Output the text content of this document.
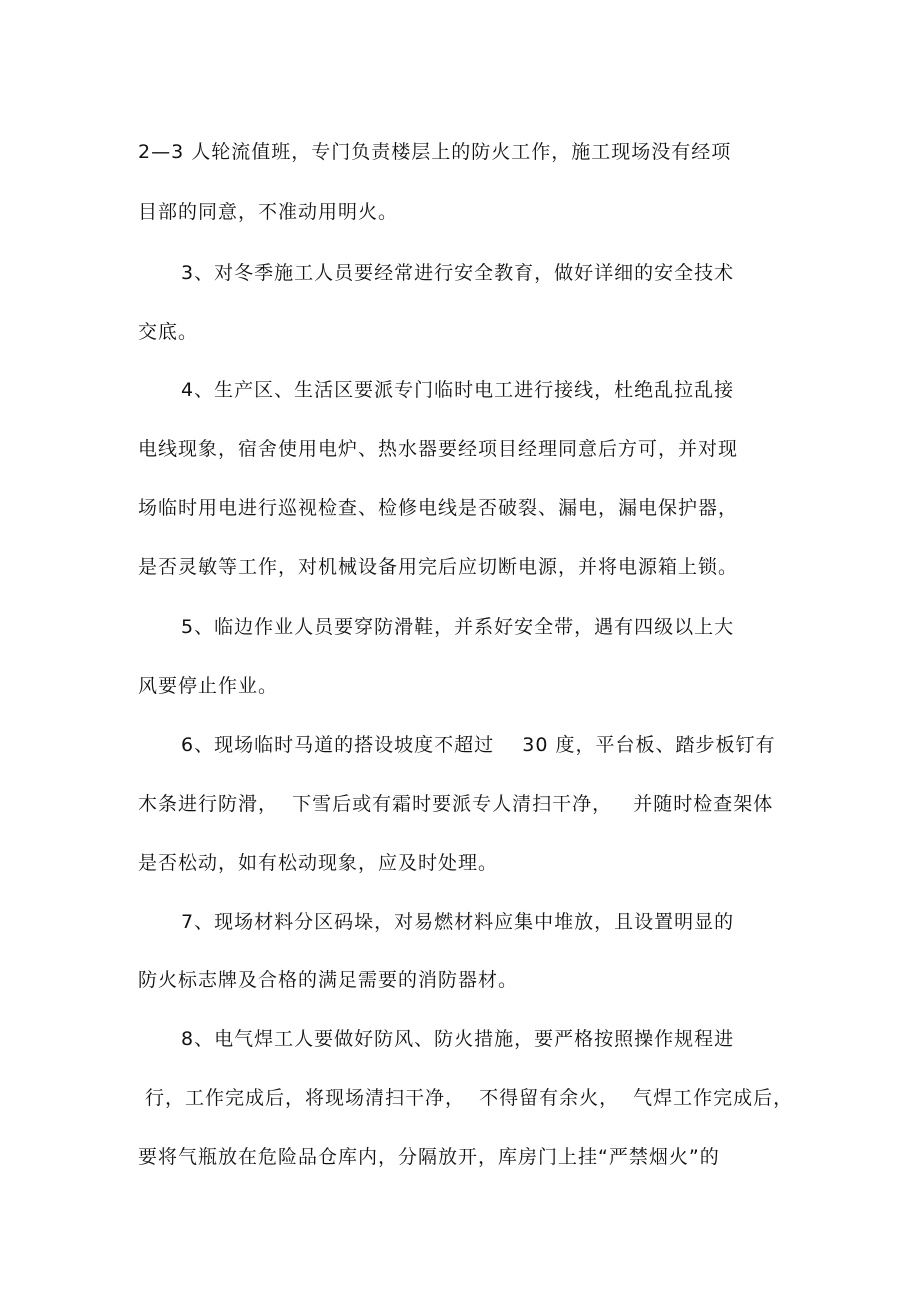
2—3 人轮流值班，专门负责楼层上的防火工作，施工现场没有经项
目部的同意，不准动用明火。
3、对冬季施工人员要经常进行安全教育，做好详细的安全技术
交底。
4、生产区、生活区要派专门临时电工进行接线，杜绝乱拉乱接
电线现象，宿舍使用电炉、热水器要经项目经理同意后方可，并对现
场临时用电进行巡视检查、检修电线是否破裂、漏电，漏电保护器，
是否灵敏等工作，对机械设备用完后应切断电源，并将电源箱上锁。
5、临边作业人员要穿防滑鞋，并系好安全带，遇有四级以上大
风要停止作业。
6、现场临时马道的搭设坡度不超过    30 度，平台板、踏步板钉有
木条进行防滑，  下雪后或有霜时要派专人清扫干净，   并随时检查架体
是否松动，如有松动现象，应及时处理。
7、现场材料分区码垛，对易燃材料应集中堆放，且设置明显的
防火标志牌及合格的满足需要的消防器材。
8、电气焊工人要做好防风、防火措施，要严格按照操作规程进
行，工作完成后，将现场清扫干净，  不得留有余火，  气焊工作完成后，
要将气瓶放在危险品仓库内，分隔放开，库房门上挂“严禁烟火”的
